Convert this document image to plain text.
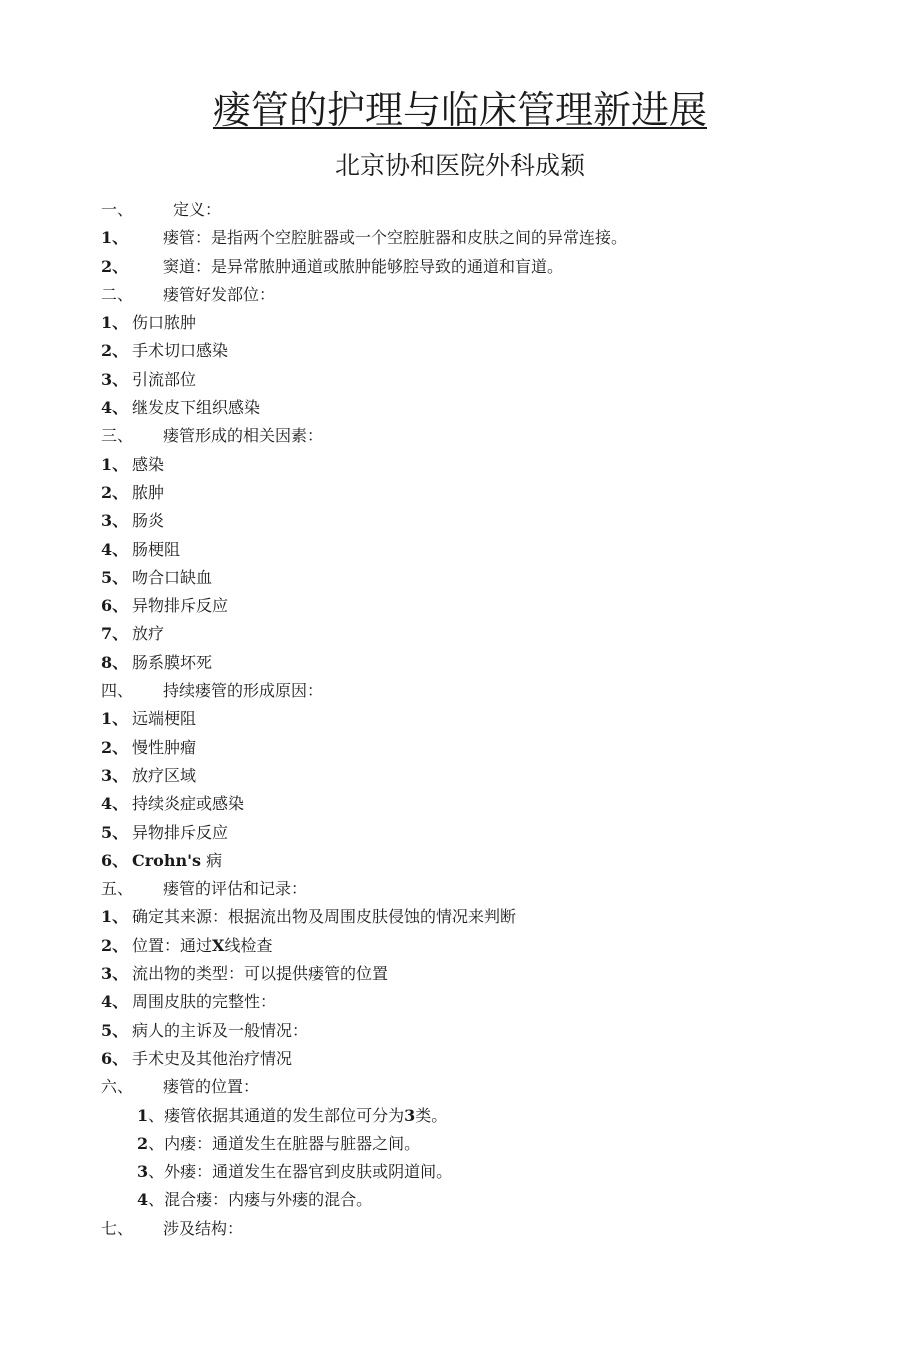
瘘管的护理与临床管理新进展
北京协和医院外科成颖
一、 定义：
1、 瘘管：是指两个空腔脏器或一个空腔脏器和皮肤之间的异常连接。
2、 窦道：是异常脓肿通道或脓肿能够腔导致的通道和盲道。
二、 瘘管好发部位：
1、 伤口脓肿
2、 手术切口感染
3、 引流部位
4、 继发皮下组织感染
三、 瘘管形成的相关因素：
1、 感染
2、 脓肿
3、 肠炎
4、 肠梗阻
5、 吻合口缺血
6、 异物排斥反应
7、 放疗
8、 肠系膜坏死
四、 持续瘘管的形成原因：
1、 远端梗阻
2、 慢性肿瘤
3、 放疗区域
4、 持续炎症或感染
5、 异物排斥反应
6、 Crohn's 病
五、 瘘管的评估和记录：
1、 确定其来源：根据流出物及周围皮肤侵蚀的情况来判断
2、 位置：通过X线检查
3、 流出物的类型：可以提供瘘管的位置
4、 周围皮肤的完整性：
5、 病人的主诉及一般情况：
6、 手术史及其他治疗情况
六、 瘘管的位置：
1、瘘管依据其通道的发生部位可分为3类。
2、内瘘：通道发生在脏器与脏器之间。
3、外瘘：通道发生在器官到皮肤或阴道间。
4、混合瘘：内瘘与外瘘的混合。
七、 涉及结构：
